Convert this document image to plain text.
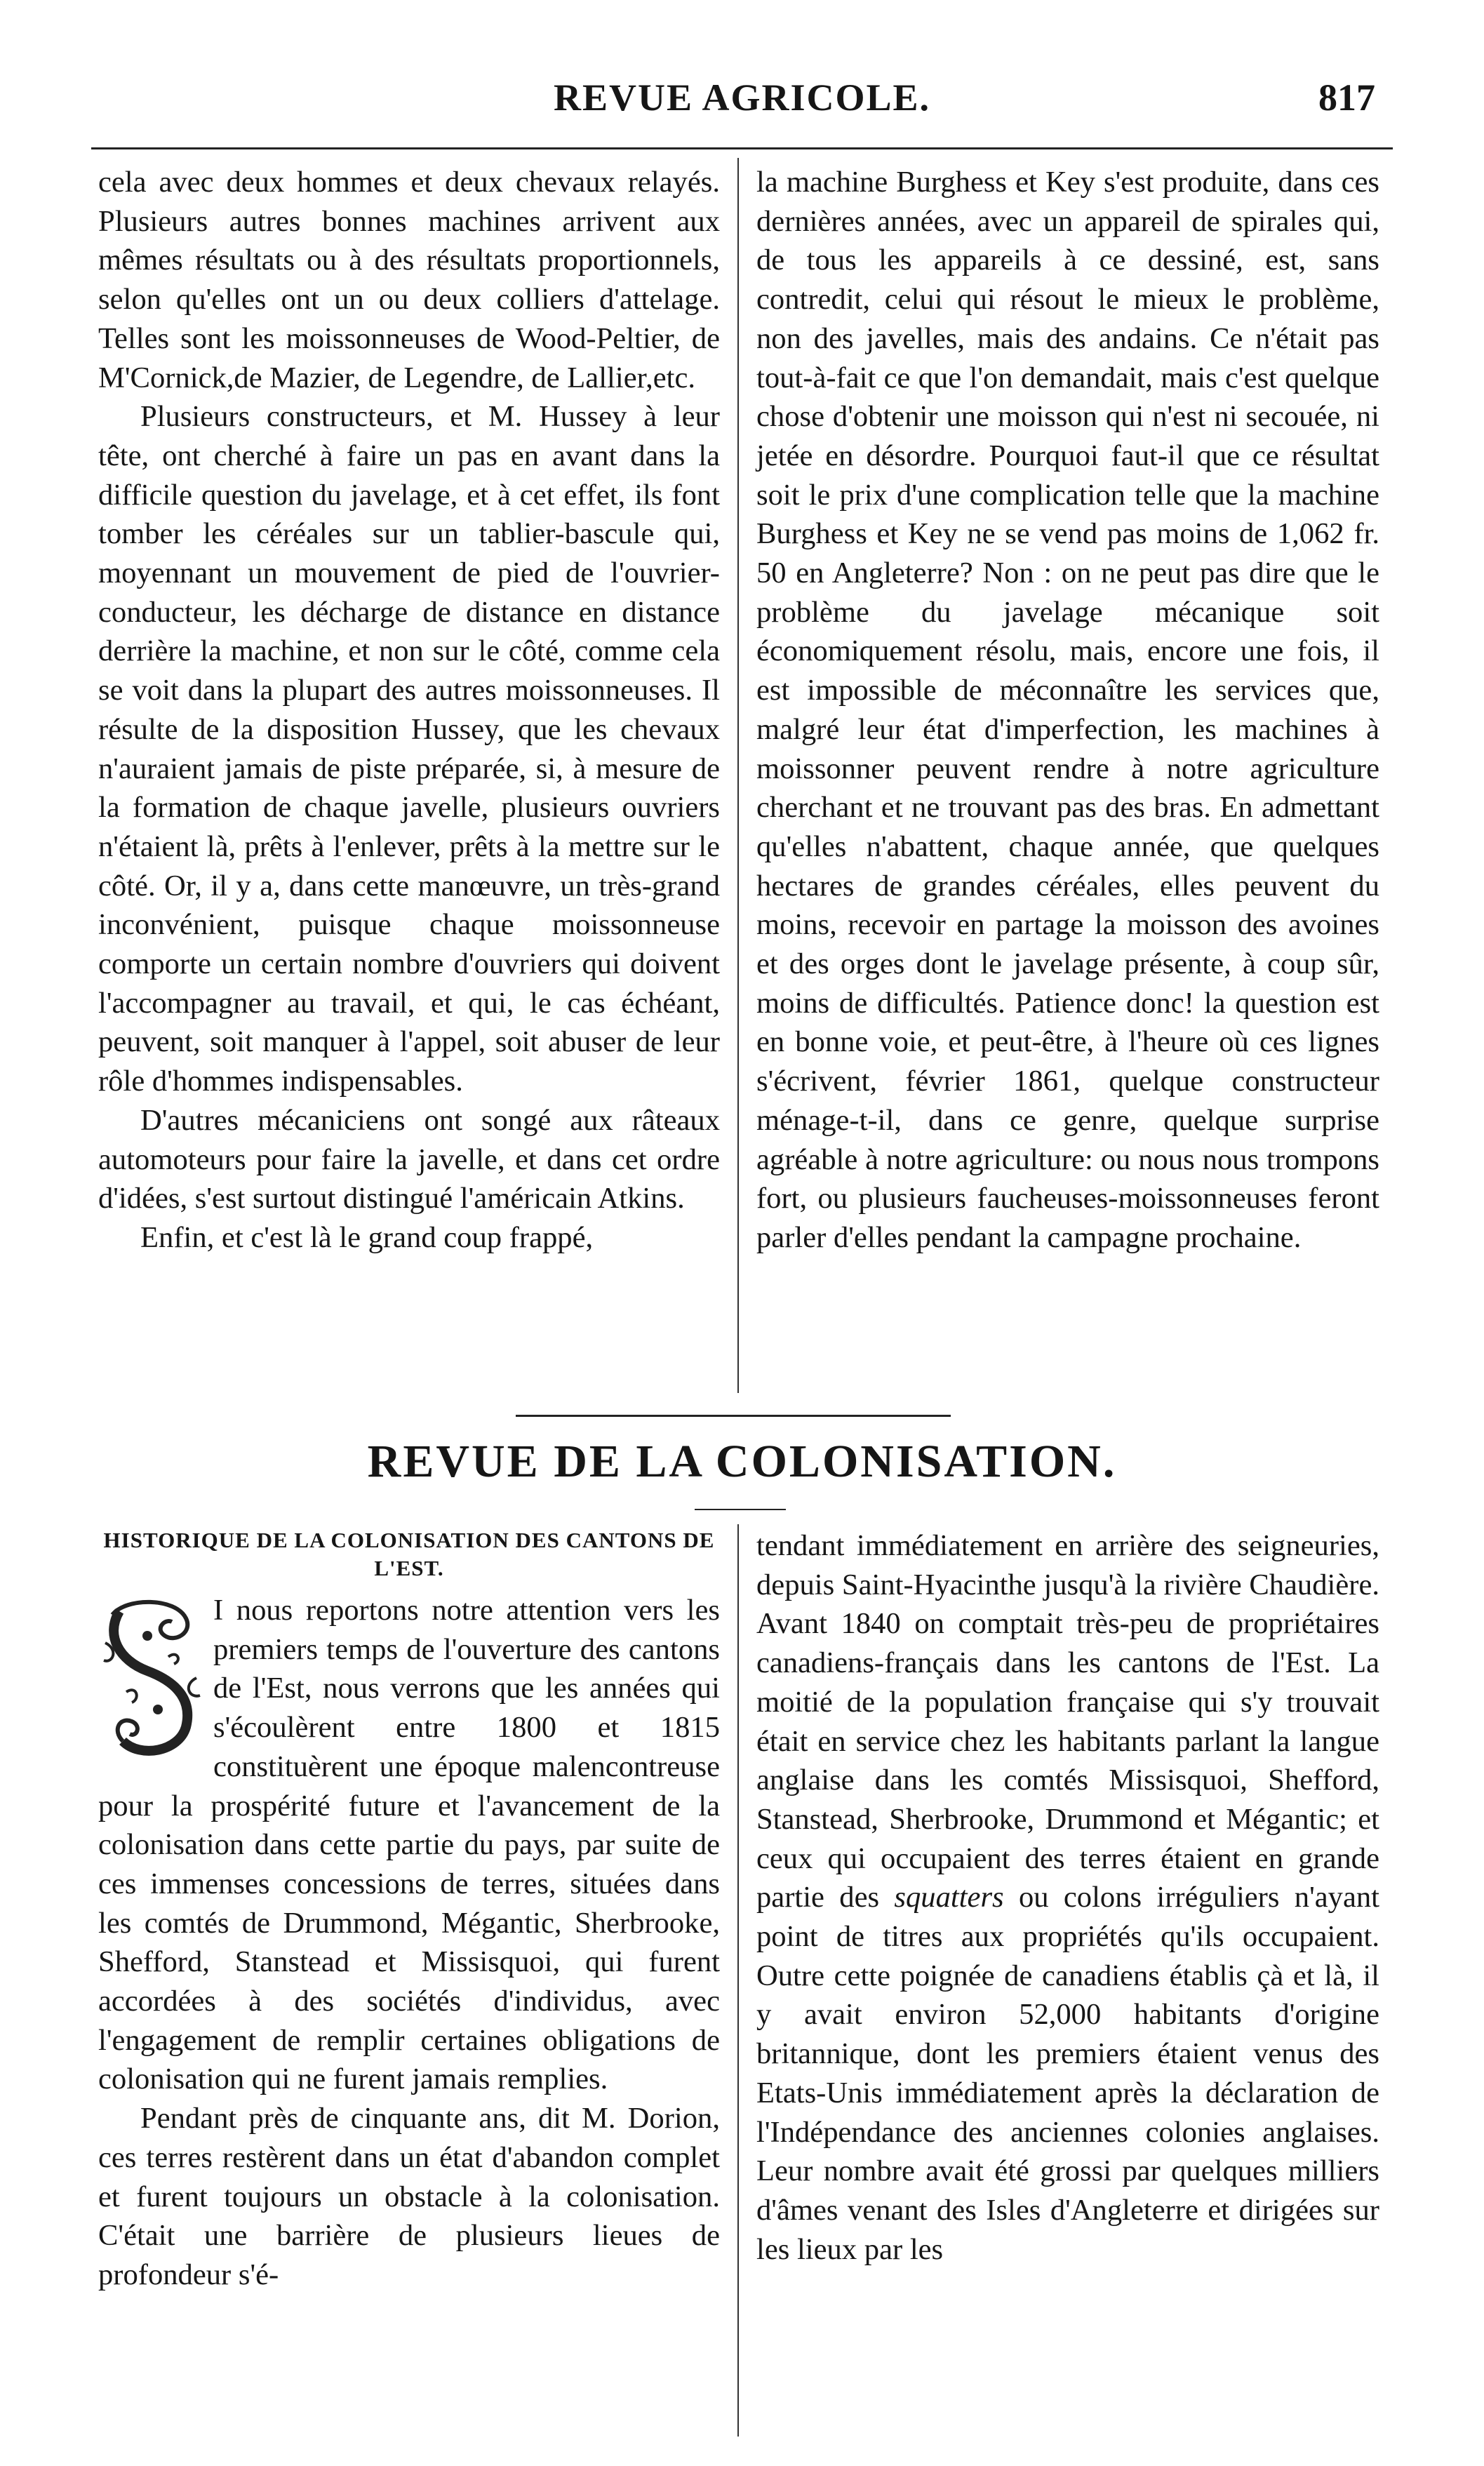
REVUE AGRICOLE.	817

cela avec deux hommes et deux chevaux relayés. Plusieurs autres bonnes machines arrivent aux mêmes résultats ou à des résultats proportionnels, selon qu'elles ont un ou deux colliers d'attelage. Telles sont les moissonneuses de Wood-Peltier, de M'Cornick,de Mazier, de Legendre, de Lallier,etc.

Plusieurs constructeurs, et M. Hussey à leur tête, ont cherché à faire un pas en avant dans la difficile question du javelage, et à cet effet, ils font tomber les céréales sur un tablier-bascule qui, moyennant un mouvement de pied de l'ouvrier-conducteur, les décharge de distance en distance derrière la machine, et non sur le côté, comme cela se voit dans la plupart des autres moissonneuses. Il résulte de la disposition Hussey, que les chevaux n'auraient jamais de piste préparée, si, à mesure de la formation de chaque javelle, plusieurs ouvriers n'étaient là, prêts à l'enlever, prêts à la mettre sur le côté. Or, il y a, dans cette manœuvre, un très-grand inconvénient, puisque chaque moissonneuse comporte un certain nombre d'ouvriers qui doivent l'accompagner au travail, et qui, le cas échéant, peuvent, soit manquer à l'appel, soit abuser de leur rôle d'hommes indispensables.

D'autres mécaniciens ont songé aux râteaux automoteurs pour faire la javelle, et dans cet ordre d'idées, s'est surtout distingué l'américain Atkins.

Enfin, et c'est là le grand coup frappé,

la machine Burghess et Key s'est produite, dans ces dernières années, avec un appareil de spirales qui, de tous les appareils à ce dessiné, est, sans contredit, celui qui résout le mieux le problème, non des javelles, mais des andains. Ce n'était pas tout-à-fait ce que l'on demandait, mais c'est quelque chose d'obtenir une moisson qui n'est ni secouée, ni jetée en désordre. Pourquoi faut-il que ce résultat soit le prix d'une complication telle que la machine Burghess et Key ne se vend pas moins de 1,062 fr. 50 en Angleterre? Non : on ne peut pas dire que le problème du javelage mécanique soit économiquement résolu, mais, encore une fois, il est impossible de méconnaître les services que, malgré leur état d'imperfection, les machines à moissonner peuvent rendre à notre agriculture cherchant et ne trouvant pas des bras. En admettant qu'elles n'abattent, chaque année, que quelques hectares de grandes céréales, elles peuvent du moins, recevoir en partage la moisson des avoines et des orges dont le javelage présente, à coup sûr, moins de difficultés. Patience donc! la question est en bonne voie, et peut-être, à l'heure où ces lignes s'écrivent, février 1861, quelque constructeur ménage-t-il, dans ce genre, quelque surprise agréable à notre agriculture: ou nous nous trompons fort, ou plusieurs faucheuses-moissonneuses feront parler d'elles pendant la campagne prochaine.

REVUE DE LA COLONISATION.
HISTORIQUE DE LA COLONISATION DES CANTONS DE L'EST.

I nous reportons notre attention vers les premiers temps de l'ouverture des cantons de l'Est, nous verrons que les années qui s'écoulèrent entre 1800 et 1815 constituèrent une époque malencontreuse pour la prospérité future et l'avancement de la colonisation dans cette partie du pays, par suite de ces immenses concessions de terres, situées dans les comtés de Drummond, Mégantic, Sherbrooke, Shefford, Stanstead et Missisquoi, qui furent accordées à des sociétés d'individus, avec l'engagement de remplir certaines obligations de colonisation qui ne furent jamais remplies.

Pendant près de cinquante ans, dit M. Dorion, ces terres restèrent dans un état d'abandon complet et furent toujours un obstacle à la colonisation. C'était une barrière de plusieurs lieues de profondeur s'é-

tendant immédiatement en arrière des seigneuries, depuis Saint-Hyacinthe jusqu'à la rivière Chaudière. Avant 1840 on comptait très-peu de propriétaires canadiens-français dans les cantons de l'Est. La moitié de la population française qui s'y trouvait était en service chez les habitants parlant la langue anglaise dans les comtés Missisquoi, Shefford, Stanstead, Sherbrooke, Drummond et Mégantic; et ceux qui occupaient des terres étaient en grande partie des squatters ou colons irréguliers n'ayant point de titres aux propriétés qu'ils occupaient. Outre cette poignée de canadiens établis çà et là, il y avait environ 52,000 habitants d'origine britannique, dont les premiers étaient venus des Etats-Unis immédiatement après la déclaration de l'Indépendance des anciennes colonies anglaises. Leur nombre avait été grossi par quelques milliers d'âmes venant des Isles d'Angleterre et dirigées sur les lieux par les
